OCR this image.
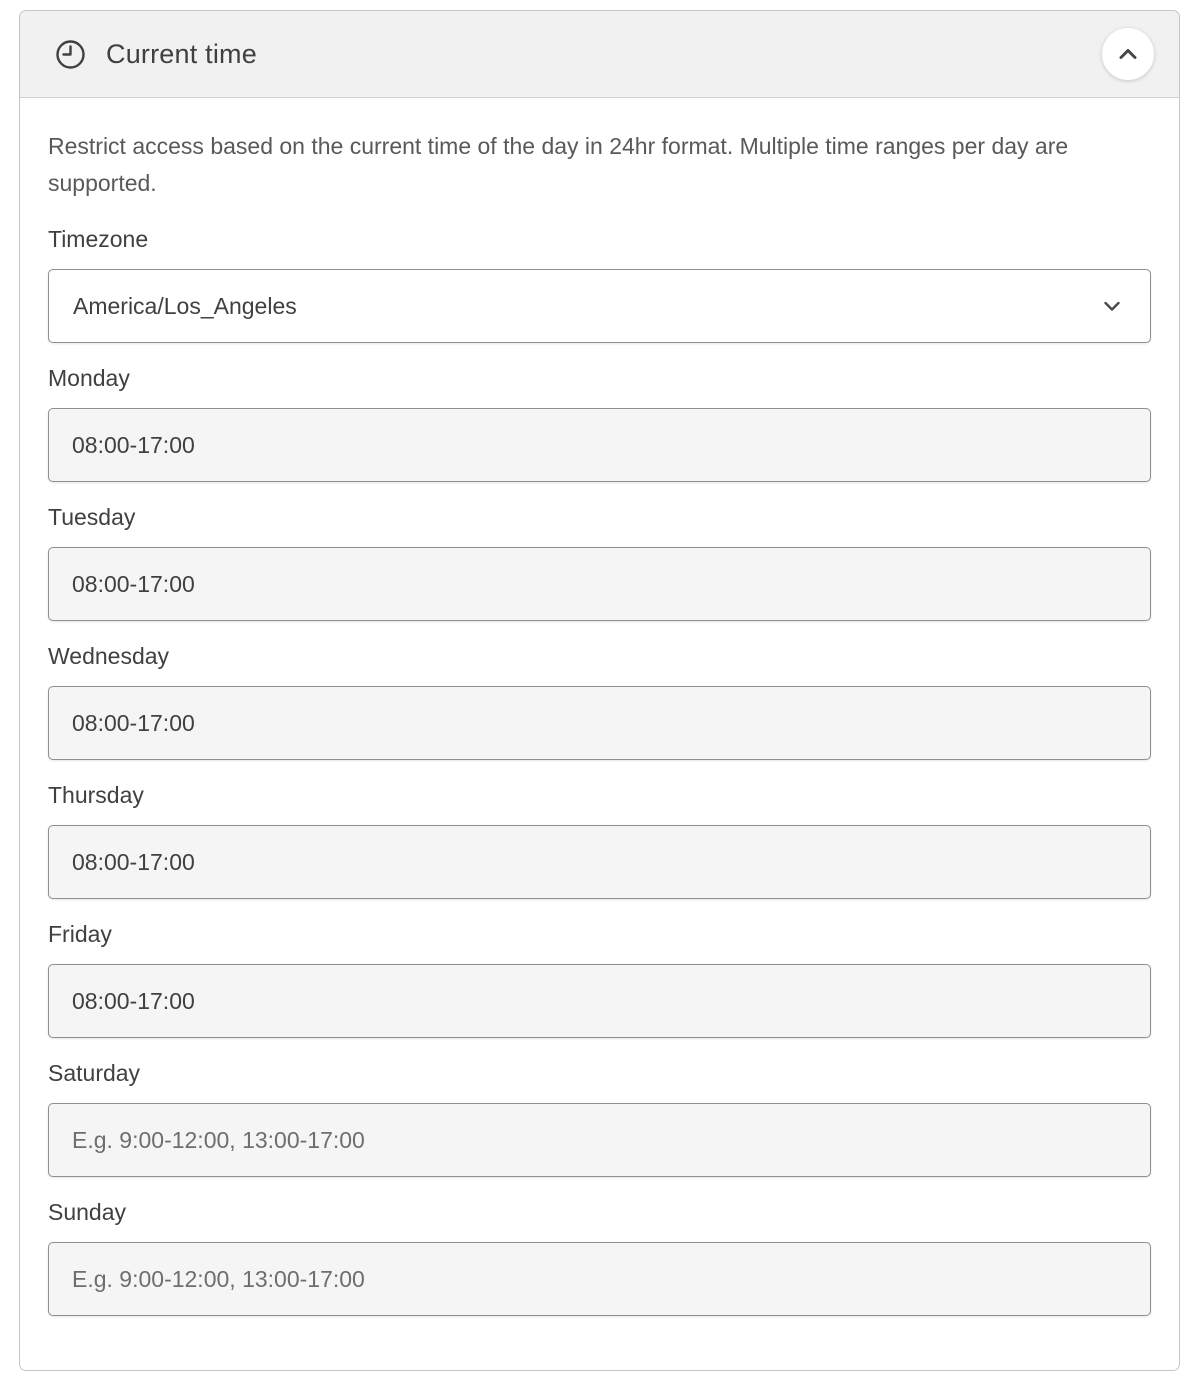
Current time

Restrict access based on the current time of the day in 24hr format. Multiple time ranges per day are supported.

Timezone
America/Los_Angeles
Monday
08:00-17:00
Tuesday
08:00-17:00
Wednesday
08:00-17:00
Thursday
08:00-17:00
Friday
08:00-17:00
Saturday
E.g. 9:00-12:00, 13:00-17:00
Sunday
E.g. 9:00-12:00, 13:00-17:00
